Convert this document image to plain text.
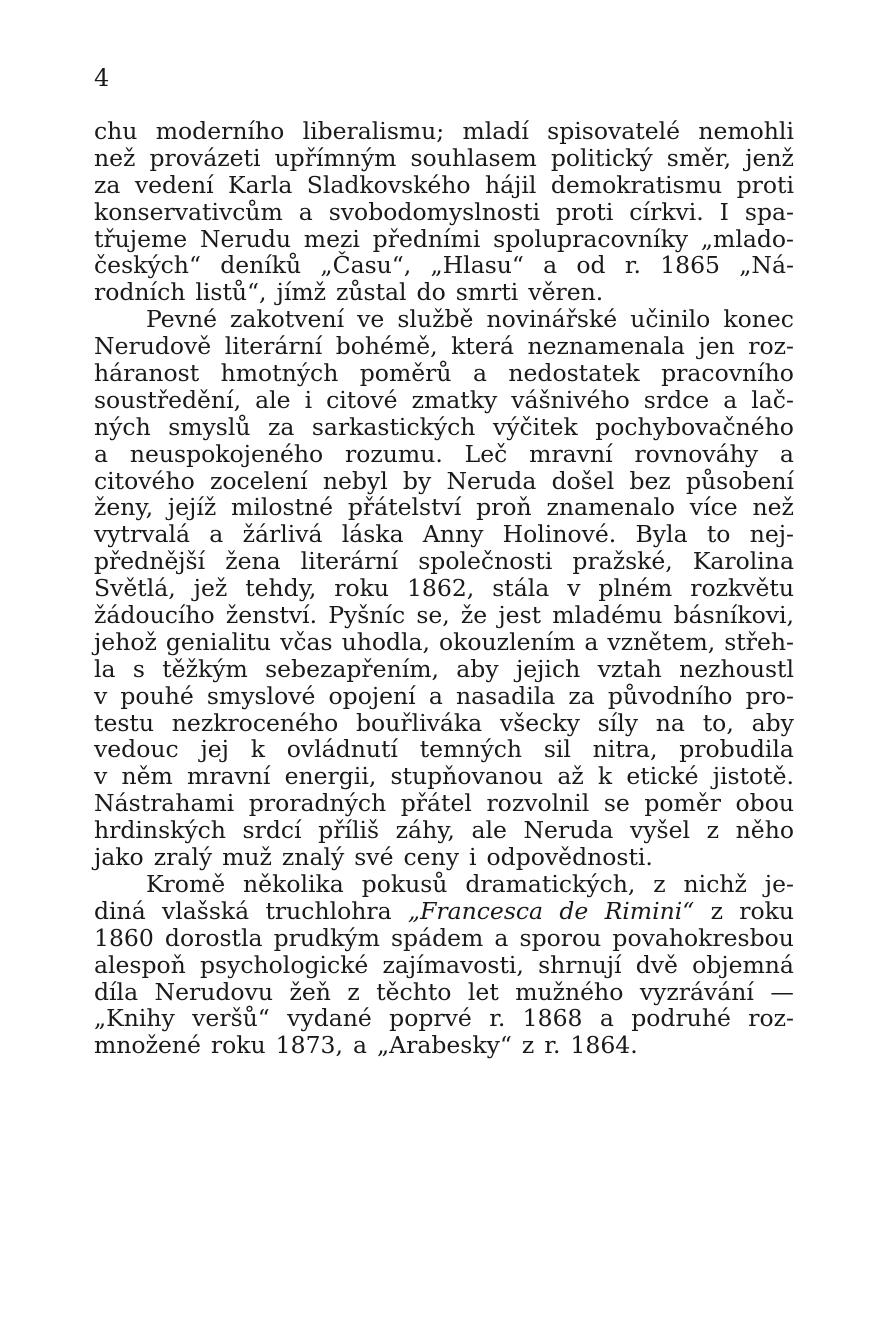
4
chu moderního liberalismu; mladí spisovatelé nemohli
než provázeti upřímným souhlasem politický směr, jenž
za vedení Karla Sladkovského hájil demokratismu proti
konservativcům a svobodomyslnosti proti církvi. I spa-
třujeme Nerudu mezi předními spolupracovníky „mlado-
českých“ deníků „Času“, „Hlasu“ a od r. 1865 „Ná-
rodních listů“, jímž zůstal do smrti věren.
Pevné zakotvení ve službě novinářské učinilo konec
Nerudově literární bohémě, která neznamenala jen roz-
háranost hmotných poměrů a nedostatek pracovního
soustředění, ale i citové zmatky vášnivého srdce a lač-
ných smyslů za sarkastických výčitek pochybovačného
a neuspokojeného rozumu. Leč mravní rovnováhy a
citového zocelení nebyl by Neruda došel bez působení
ženy, jejíž milostné přátelství proň znamenalo více než
vytrvalá a žárlivá láska Anny Holinové. Byla to nej-
přednější žena literární společnosti pražské, Karolina
Světlá, jež tehdy, roku 1862, stála v plném rozkvětu
žádoucího ženství. Pyšníc se, že jest mladému básníkovi,
jehož genialitu včas uhodla, okouzlením a vznětem, střeh-
la s těžkým sebezapřením, aby jejich vztah nezhoustl
v pouhé smyslové opojení a nasadila za původního pro-
testu nezkroceného bouřliváka všecky síly na to, aby
vedouc jej k ovládnutí temných sil nitra, probudila
v něm mravní energii, stupňovanou až k etické jistotě.
Nástrahami proradných přátel rozvolnil se poměr obou
hrdinských srdcí příliš záhy, ale Neruda vyšel z něho
jako zralý muž znalý své ceny i odpovědnosti.
Kromě několika pokusů dramatických, z nichž je-
diná vlašská truchlohra „Francesca de Rimini“ z roku
1860 dorostla prudkým spádem a sporou povahokresbou
alespoň psychologické zajímavosti, shrnují dvě objemná
díla Nerudovu žeň z těchto let mužného vyzrávání —
„Knihy veršů“ vydané poprvé r. 1868 a podruhé roz-
množené roku 1873, a „Arabesky“ z r. 1864.
